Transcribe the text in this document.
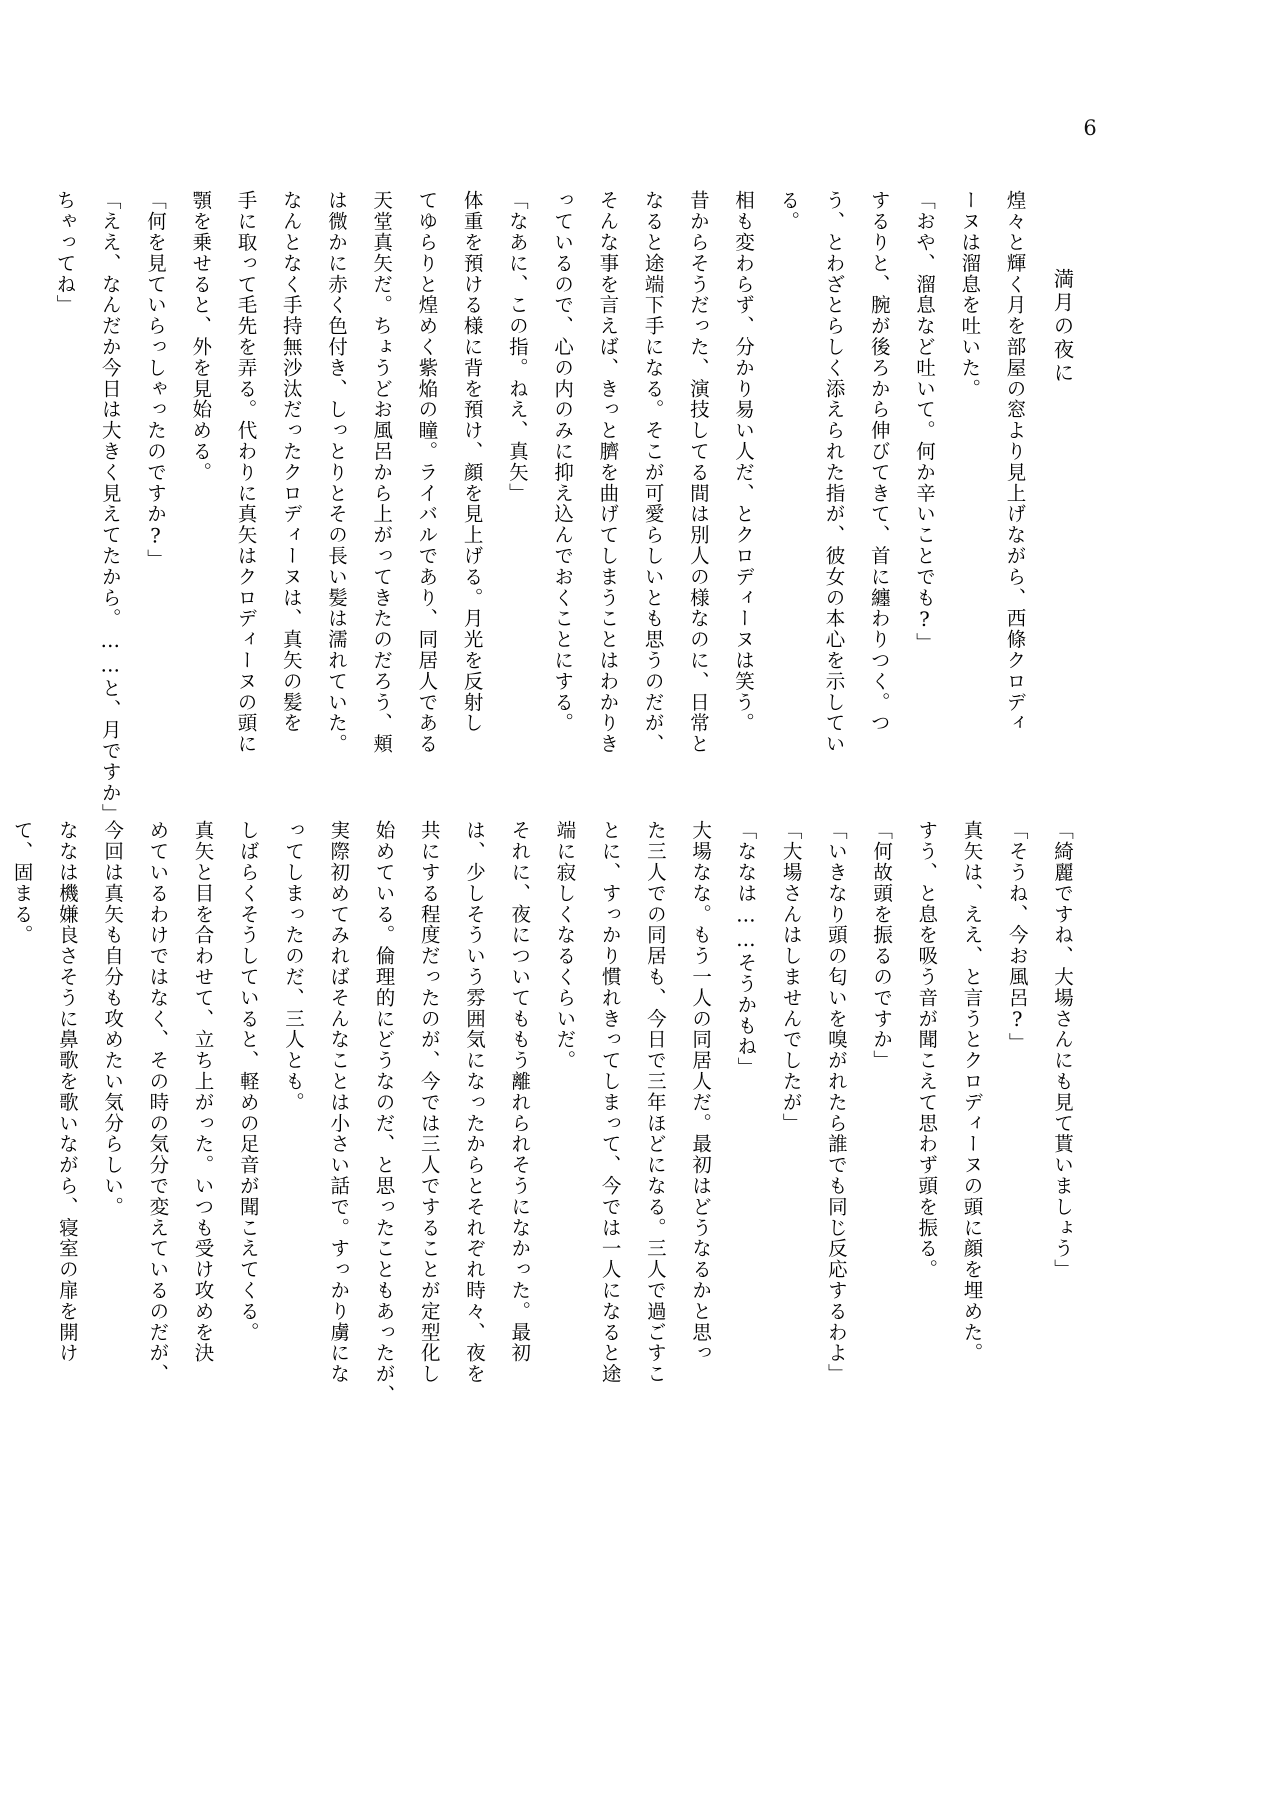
6
満月の夜に
煌々と輝く月を部屋の窓より見上げながら、西條クロディ
ーヌは溜息を吐いた。
「おや、溜息など吐いて。何か辛いことでも?」
するりと、腕が後ろから伸びてきて、首に纏わりつく。つ
う、とわざとらしく添えられた指が、彼女の本心を示してい
る。
相も変わらず、分かり易い人だ、とクロディーヌは笑う。
昔からそうだった、演技してる間は別人の様なのに、日常と
なると途端下手になる。そこが可愛らしいとも思うのだが、
そんな事を言えば、きっと臍を曲げてしまうことはわかりき
っているので、心の内のみに抑え込んでおくことにする。
「なあに、この指。ねえ、真矢」
体重を預ける様に背を預け、顔を見上げる。月光を反射し
てゆらりと煌めく紫焔の瞳。ライバルであり、同居人である
天堂真矢だ。ちょうどお風呂から上がってきたのだろう、頬
は微かに赤く色付き、しっとりとその長い髪は濡れていた。
なんとなく手持無沙汰だったクロディーヌは、真矢の髪を
手に取って毛先を弄る。代わりに真矢はクロディーヌの頭に
顎を乗せると、外を見始める。
「何を見ていらっしゃったのですか?」
「ええ、なんだか今日は大きく見えてたから。……と、月ですか」
ちゃってね」
「綺麗ですね、大場さんにも見て貰いましょう」
「そうね、今お風呂?」
真矢は、ええ、と言うとクロディーヌの頭に顔を埋めた。
すう、と息を吸う音が聞こえて思わず頭を振る。
「何故頭を振るのですか」
「いきなり頭の匂いを嗅がれたら誰でも同じ反応するわよ」
「大場さんはしませんでしたが」
「ななは……そうかもね」
大場なな。もう一人の同居人だ。最初はどうなるかと思っ
た三人での同居も、今日で三年ほどになる。三人で過ごすこ
とに、すっかり慣れきってしまって、今では一人になると途
端に寂しくなるくらいだ。
それに、夜についてももう離れられそうになかった。最初
は、少しそういう雰囲気になったからとそれぞれ時々、夜を
共にする程度だったのが、今では三人ですることが定型化し
始めている。倫理的にどうなのだ、と思ったこともあったが、
実際初めてみればそんなことは小さい話で。すっかり虜にな
ってしまったのだ、三人とも。
しばらくそうしていると、軽めの足音が聞こえてくる。
真矢と目を合わせて、立ち上がった。いつも受け攻めを決
めているわけではなく、その時の気分で変えているのだが、
今回は真矢も自分も攻めたい気分らしい。
ななは機嫌良さそうに鼻歌を歌いながら、寝室の扉を開け
て、固まる。
